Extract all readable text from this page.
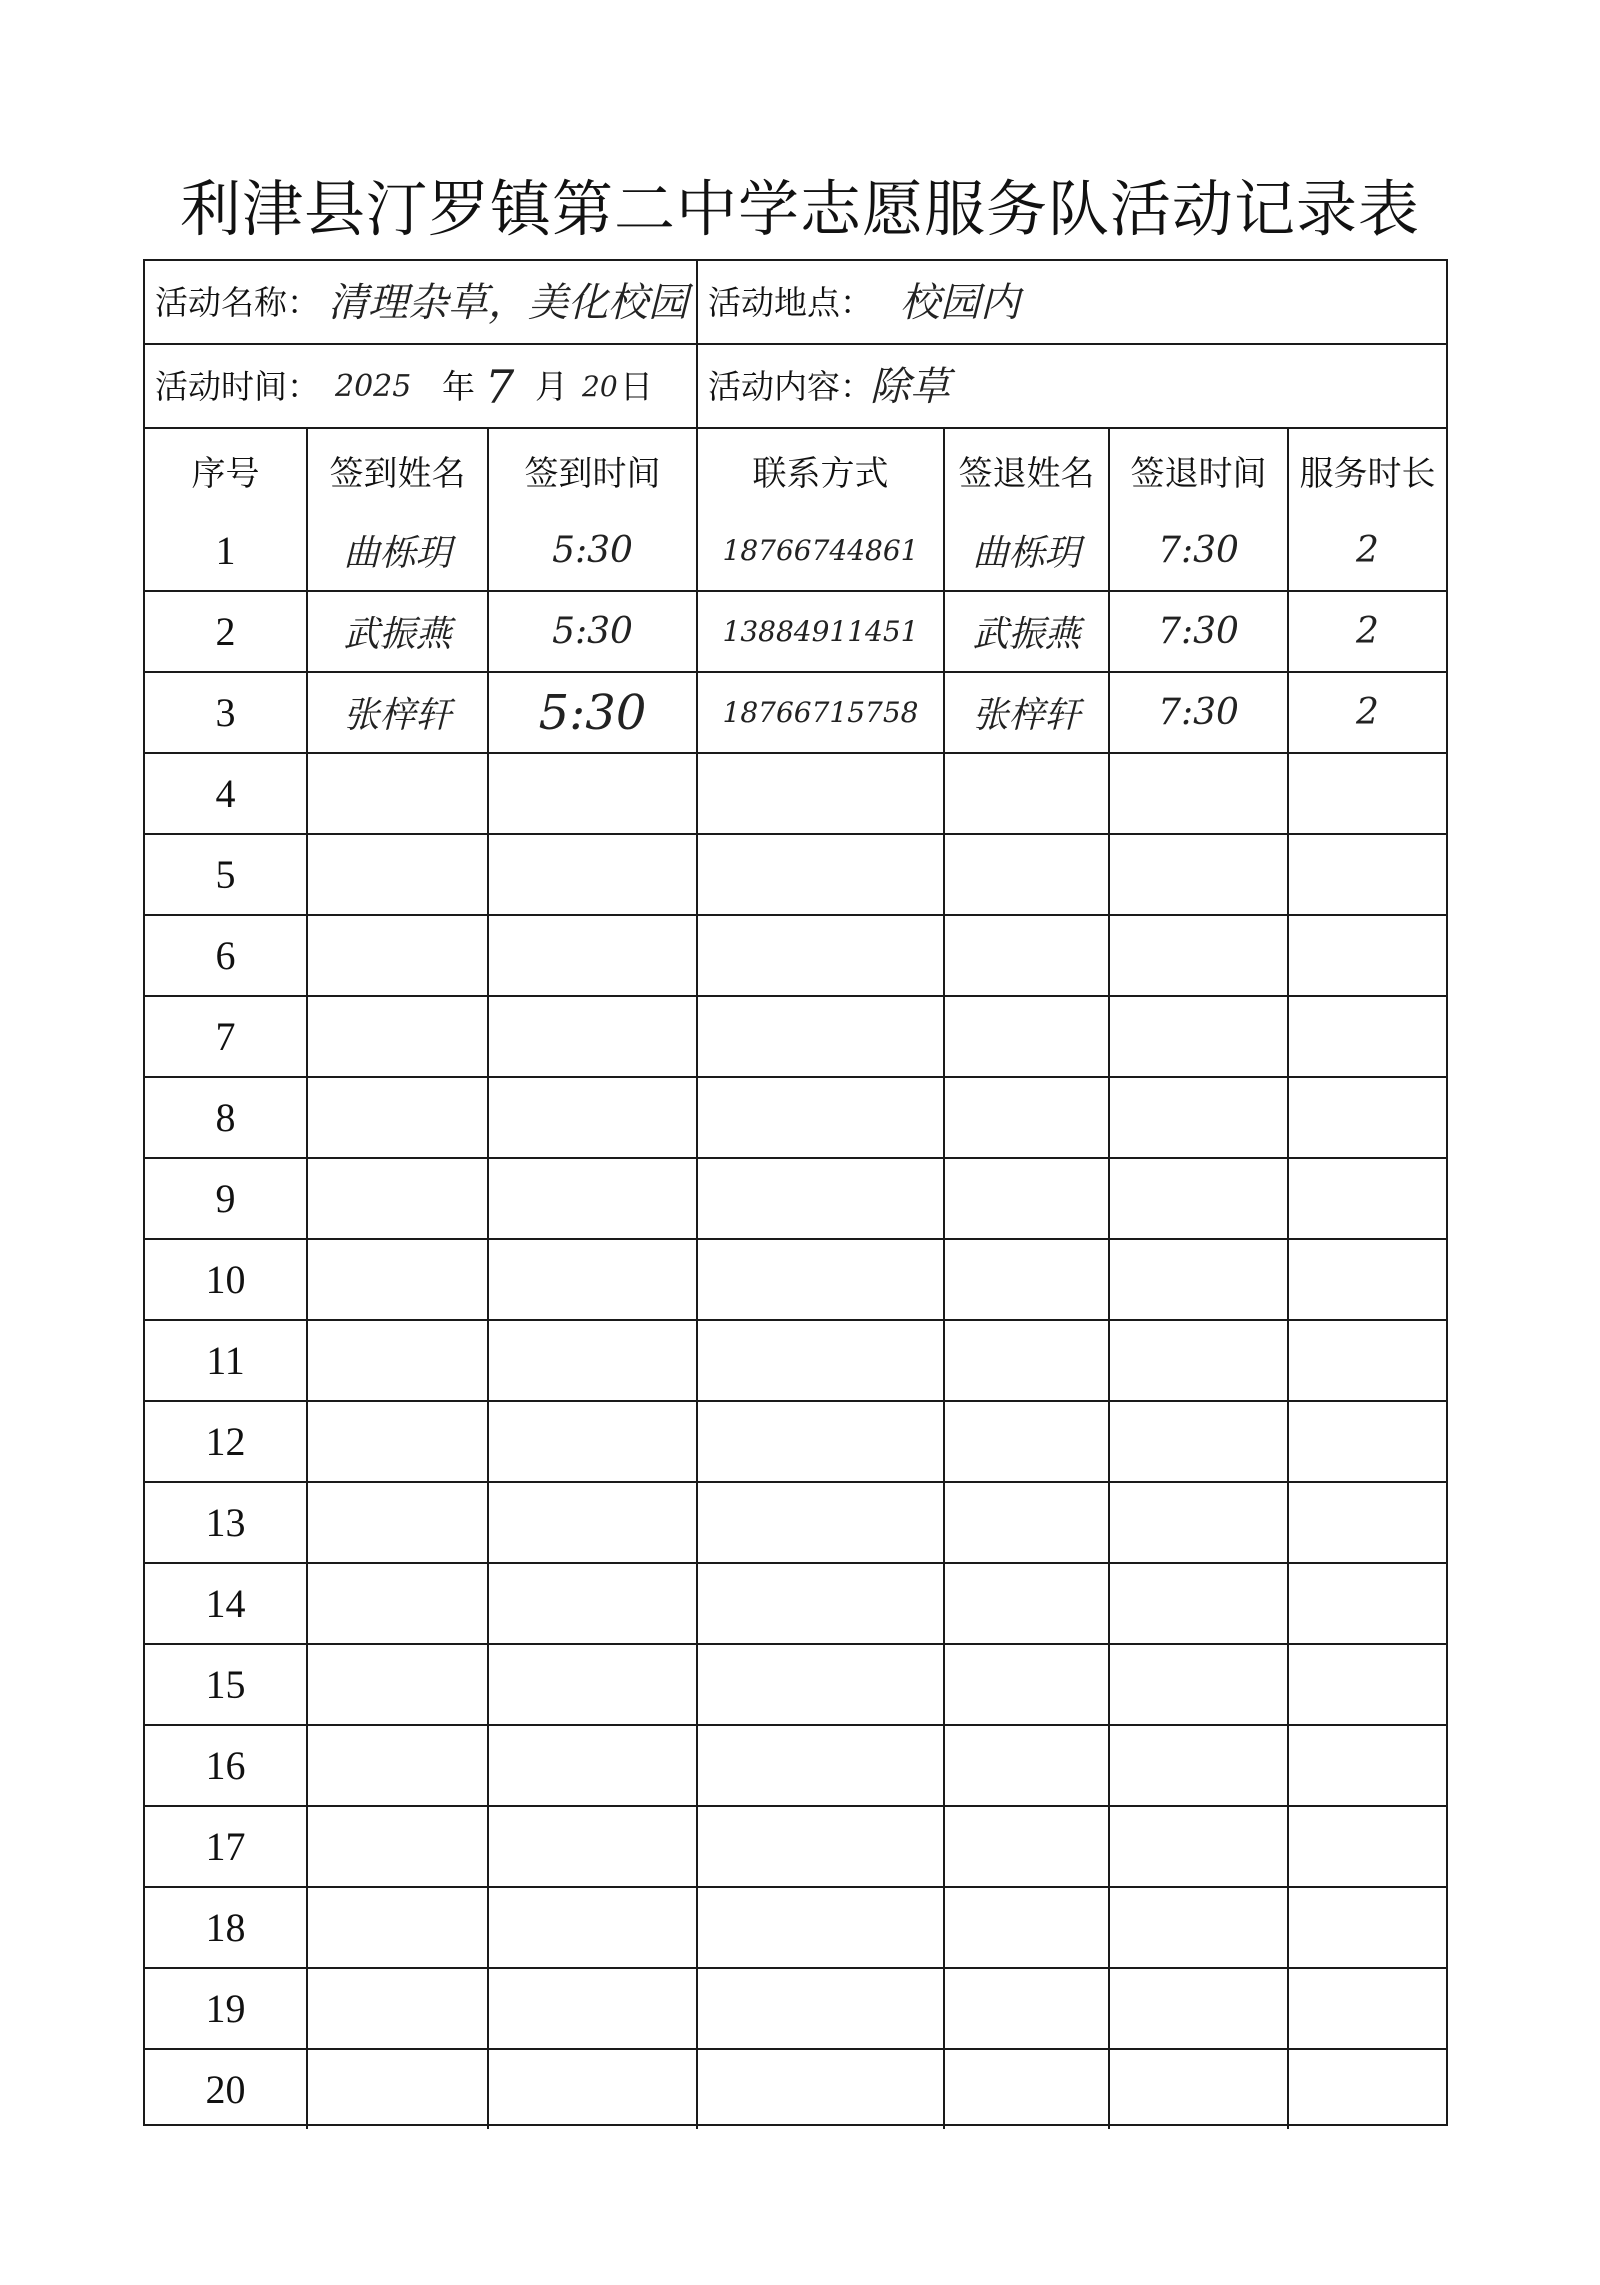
利津县汀罗镇第二中学志愿服务队活动记录表
活动名称： 清理杂草，美化校园 活动地点： 校园内
活动时间： 2025 年 7 月 20 日 活动内容：
除草
序号	签到姓名	签到时间	联系方式	签退姓名	签退时间	服务时长
1	曲栎玥	5:30	18766744861	曲栎玥	7:30	2
2	武振燕	5:30	13884911451	武振燕	7:30	2
3	张梓轩	5:30	18766715758	张梓轩	7:30	2
4						
5						
6						
7						
8						
9						
10						
11						
12						
13						
14						
15						
16						
17						
18						
19						
20						
